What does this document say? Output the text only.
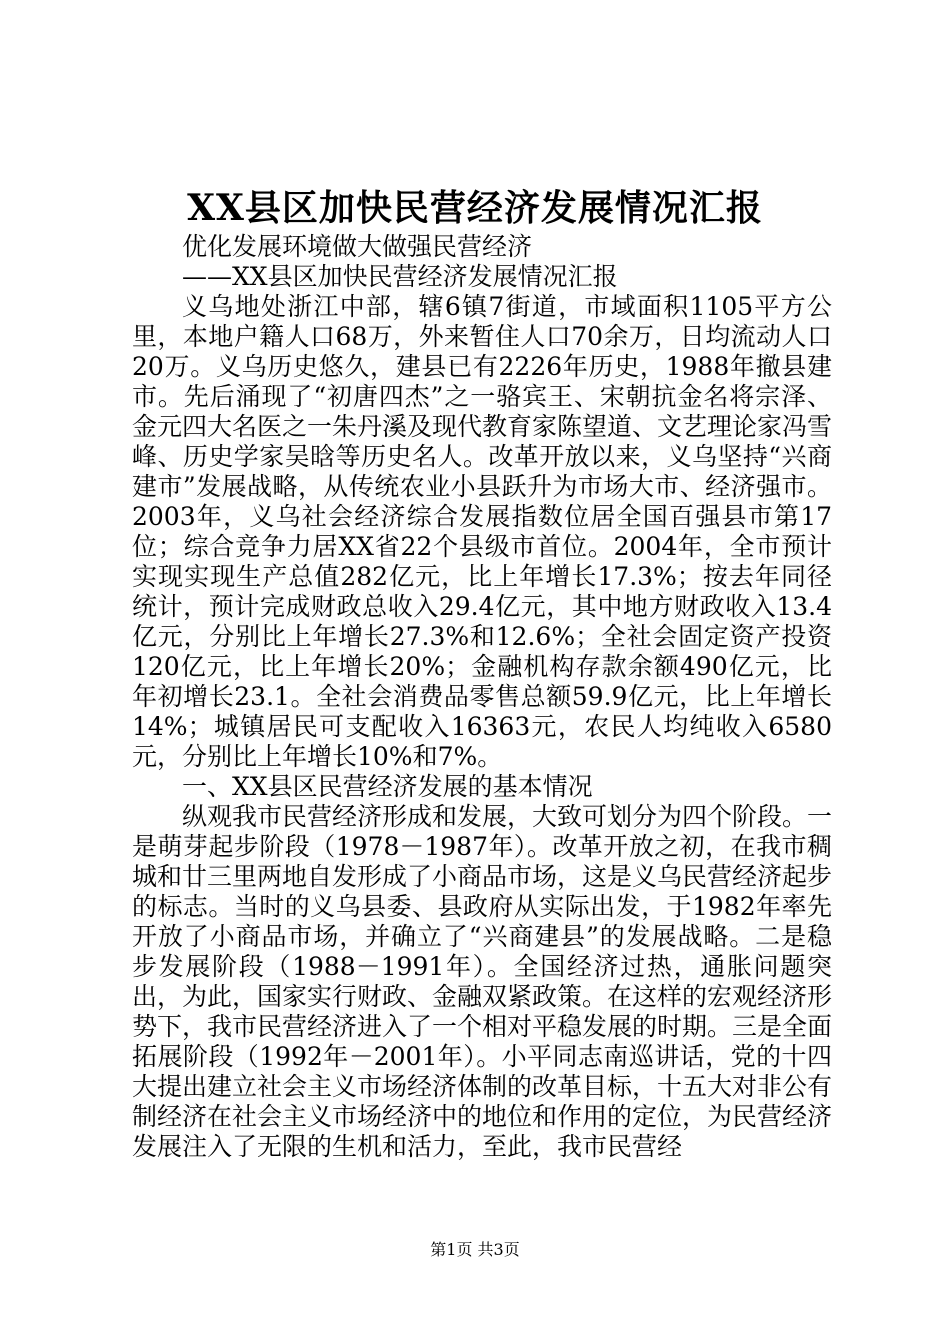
XX县区加快民营经济发展情况汇报

优化发展环境做大做强民营经济

——XX县区加快民营经济发展情况汇报

义乌地处浙江中部，辖6镇7街道，市域面积1105平方公里，本地户籍人口68万，外来暂住人口70余万，日均流动人口20万。义乌历史悠久，建县已有2226年历史，1988年撤县建市。先后涌现了“初唐四杰”之一骆宾王、宋朝抗金名将宗泽、金元四大名医之一朱丹溪及现代教育家陈望道、文艺理论家冯雪峰、历史学家吴晗等历史名人。改革开放以来，义乌坚持“兴商建市”发展战略，从传统农业小县跃升为市场大市、经济强市。2003年，义乌社会经济综合发展指数位居全国百强县市第17位；综合竞争力居XX省22个县级市首位。2004年，全市预计实现实现生产总值282亿元，比上年增长17.3%；按去年同径统计，预计完成财政总收入29.4亿元，其中地方财政收入13.4亿元，分别比上年增长27.3%和12.6%；全社会固定资产投资120亿元，比上年增长20%；金融机构存款余额490亿元，比年初增长23.1。全社会消费品零售总额59.9亿元，比上年增长14%；城镇居民可支配收入16363元，农民人均纯收入6580元，分别比上年增长10%和7%。

一、XX县区民营经济发展的基本情况

纵观我市民营经济形成和发展，大致可划分为四个阶段。一是萌芽起步阶段（1978－1987年）。改革开放之初，在我市稠城和廿三里两地自发形成了小商品市场，这是义乌民营经济起步的标志。当时的义乌县委、县政府从实际出发，于1982年率先开放了小商品市场，并确立了“兴商建县”的发展战略。二是稳步发展阶段（1988－1991年）。全国经济过热，通胀问题突出，为此，国家实行财政、金融双紧政策。在这样的宏观经济形势下，我市民营经济进入了一个相对平稳发展的时期。三是全面拓展阶段（1992年－2001年）。小平同志南巡讲话，党的十四大提出建立社会主义市场经济体制的改革目标，十五大对非公有制经济在社会主义市场经济中的地位和作用的定位，为民营经济发展注入了无限的生机和活力，至此，我市民营经

第1页 共3页
